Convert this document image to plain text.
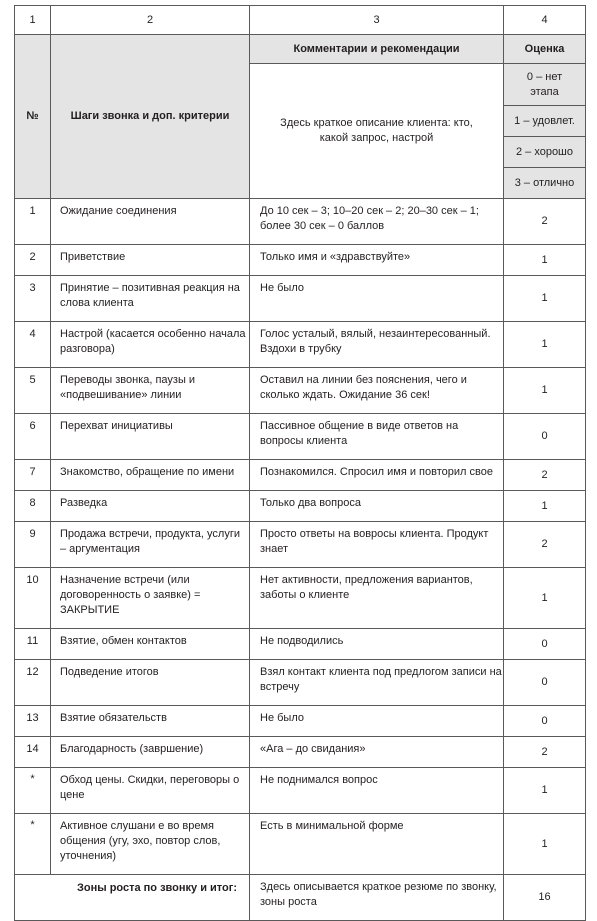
1	2	3	4
№	Шаги звонка и доп. критерии	Комментарии и рекомендации	Оценка
		Здесь краткое описание клиента: кто, какой запрос, настрой	0 – нет этапа
			1 – удовлет.
			2 – хорошо
			3 – отлично
1	Ожидание соединения	До 10 сек – 3; 10–20 сек – 2; 20–30 сек – 1; более 30 сек – 0 баллов	2
2	Приветствие	Только имя и «здравствуйте»	1
3	Принятие – позитивная реакция на слова клиента	Не было	1
4	Настрой (касается особенно начала разговора)	Голос усталый, вялый, незаинтересованный. Вздохи в трубку	1
5	Переводы звонка, паузы и «подвешивание» линии	Оставил на линии без пояснения, чего и сколько ждать. Ожидание 36 сек!	1
6	Перехват инициативы	Пассивное общение в виде ответов на вопросы клиента	0
7	Знакомство, обращение по имени	Познакомился. Спросил имя и повторил свое	2
8	Разведка	Только два вопроса	1
9	Продажа встречи, продукта, услуги – аргументация	Просто ответы на вовросы клиента. Продукт знает	2
10	Назначение встречи (или договоренность о заявке) = ЗАКРЫТИЕ	Нет активности, предложения вариантов, заботы о клиенте	1
11	Взятие, обмен контактов	Не подводились	0
12	Подведение итогов	Взял контакт клиента под предлогом записи на встречу	0
13	Взятие обязательств	Не было	0
14	Благодарность (завршение)	«Ага – до свидания»	2
*	Обход цены. Скидки, переговоры о цене	Не поднимался вопрос	1
*	Активное слушани е во время общения (угу, эхо, повтор слов, уточнения)	Есть в минимальной форме	1
Зоны роста по звонку и итог:		Здесь описывается краткое резюме по звонку, зоны роста	16
